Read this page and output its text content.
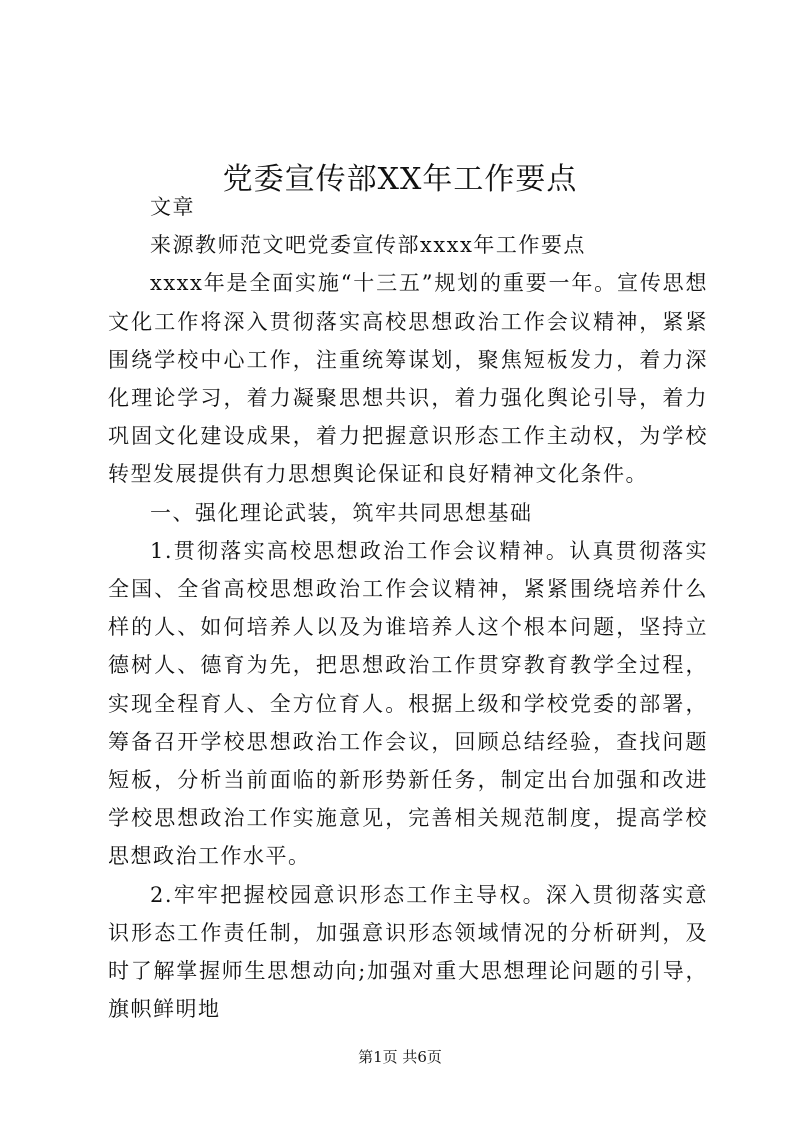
党委宣传部XX年工作要点

文章

来源教师范文吧党委宣传部xxxx年工作要点

xxxx年是全面实施“十三五”规划的重要一年。宣传思想文化工作将深入贯彻落实高校思想政治工作会议精神，紧紧围绕学校中心工作，注重统筹谋划，聚焦短板发力，着力深化理论学习，着力凝聚思想共识，着力强化舆论引导，着力巩固文化建设成果，着力把握意识形态工作主动权，为学校转型发展提供有力思想舆论保证和良好精神文化条件。

一、强化理论武装，筑牢共同思想基础

1.贯彻落实高校思想政治工作会议精神。认真贯彻落实全国、全省高校思想政治工作会议精神，紧紧围绕培养什么样的人、如何培养人以及为谁培养人这个根本问题，坚持立德树人、德育为先，把思想政治工作贯穿教育教学全过程，实现全程育人、全方位育人。根据上级和学校党委的部署，筹备召开学校思想政治工作会议，回顾总结经验，查找问题短板，分析当前面临的新形势新任务，制定出台加强和改进学校思想政治工作实施意见，完善相关规范制度，提高学校思想政治工作水平。

2.牢牢把握校园意识形态工作主导权。深入贯彻落实意识形态工作责任制，加强意识形态领域情况的分析研判，及时了解掌握师生思想动向;加强对重大思想理论问题的引导，旗帜鲜明地

第1页 共6页
